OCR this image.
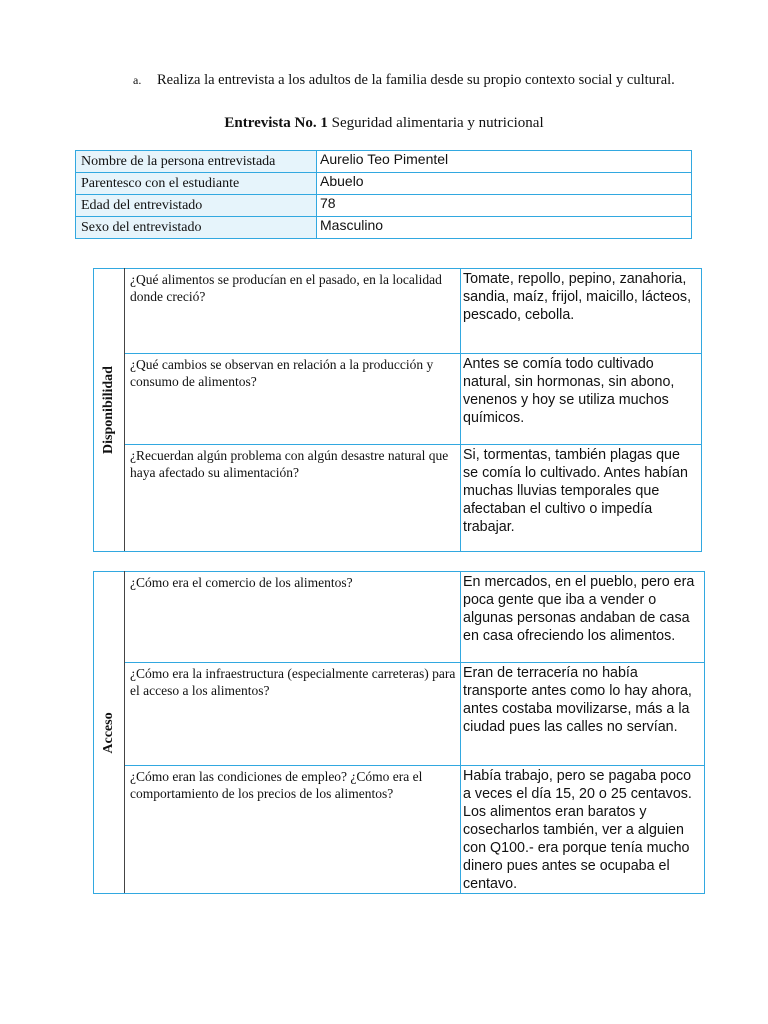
a. Realiza la entrevista a los adultos de la familia desde su propio contexto social y cultural.
Entrevista No. 1 Seguridad alimentaria y nutricional
Nombre de la persona entrevistada	Aurelio Teo Pimentel
Parentesco con el estudiante	Abuelo
Edad del entrevistado	78
Sexo del entrevistado	Masculino
Disponibilidad	¿Qué alimentos se producían en el pasado, en la localidad donde creció?	Tomate, repollo, pepino, zanahoria, sandia, maíz, frijol, maicillo, lácteos, pescado, cebolla.
	¿Qué cambios se observan en relación a la producción y consumo de alimentos?	Antes se comía todo cultivado natural, sin hormonas, sin abono, venenos y hoy se utiliza muchos químicos.
	¿Recuerdan algún problema con algún desastre natural que haya afectado su alimentación?	Si, tormentas, también plagas que se comía lo cultivado. Antes habían muchas lluvias temporales que afectaban el cultivo o impedía trabajar.
Acceso	¿Cómo era el comercio de los alimentos?	En mercados, en el pueblo, pero era poca gente que iba a vender o algunas personas andaban de casa en casa ofreciendo los alimentos.
	¿Cómo era la infraestructura (especialmente carreteras) para el acceso a los alimentos?	Eran de terracería no había transporte antes como lo hay ahora, antes costaba movilizarse, más a la ciudad pues las calles no servían.
	¿Cómo eran las condiciones de empleo? ¿Cómo era el comportamiento de los precios de los alimentos?	Había trabajo, pero se pagaba poco a veces el día 15, 20 o 25 centavos. Los alimentos eran baratos y cosecharlos también, ver a alguien con Q100.- era porque tenía mucho dinero pues antes se ocupaba el centavo.
